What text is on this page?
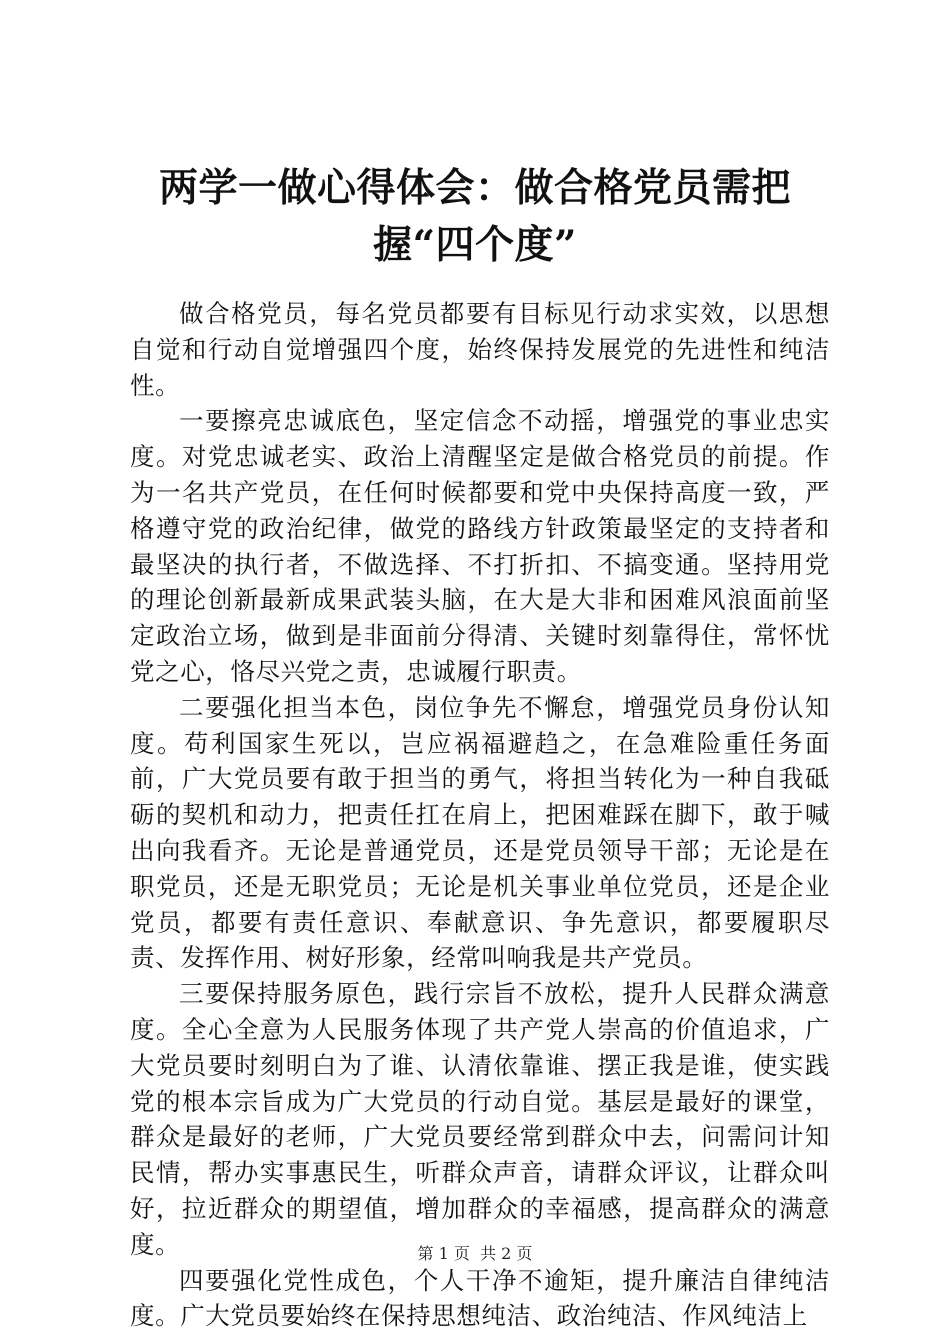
两学一做心得体会：做合格党员需把握“四个度”

做合格党员，每名党员都要有目标见行动求实效，以思想自觉和行动自觉增强四个度，始终保持发展党的先进性和纯洁性。

一要擦亮忠诚底色，坚定信念不动摇，增强党的事业忠实度。对党忠诚老实、政治上清醒坚定是做合格党员的前提。作为一名共产党员，在任何时候都要和党中央保持高度一致，严格遵守党的政治纪律，做党的路线方针政策最坚定的支持者和最坚决的执行者，不做选择、不打折扣、不搞变通。坚持用党的理论创新最新成果武装头脑，在大是大非和困难风浪面前坚定政治立场，做到是非面前分得清、关键时刻靠得住，常怀忧党之心，恪尽兴党之责，忠诚履行职责。

二要强化担当本色，岗位争先不懈怠，增强党员身份认知度。苟利国家生死以，岂应祸福避趋之，在急难险重任务面前，广大党员要有敢于担当的勇气，将担当转化为一种自我砥砺的契机和动力，把责任扛在肩上，把困难踩在脚下，敢于喊出向我看齐。无论是普通党员，还是党员领导干部；无论是在职党员，还是无职党员；无论是机关事业单位党员，还是企业党员，都要有责任意识、奉献意识、争先意识，都要履职尽责、发挥作用、树好形象，经常叫响我是共产党员。

三要保持服务原色，践行宗旨不放松，提升人民群众满意度。全心全意为人民服务体现了共产党人崇高的价值追求，广大党员要时刻明白为了谁、认清依靠谁、摆正我是谁，使实践党的根本宗旨成为广大党员的行动自觉。基层是最好的课堂，群众是最好的老师，广大党员要经常到群众中去，问需问计知民情，帮办实事惠民生，听群众声音，请群众评议，让群众叫好，拉近群众的期望值，增加群众的幸福感，提高群众的满意度。

四要强化党性成色，个人干净不逾矩，提升廉洁自律纯洁度。广大党员要始终在保持思想纯洁、政治纯洁、作风纯洁上

第 1 页  共 2 页
